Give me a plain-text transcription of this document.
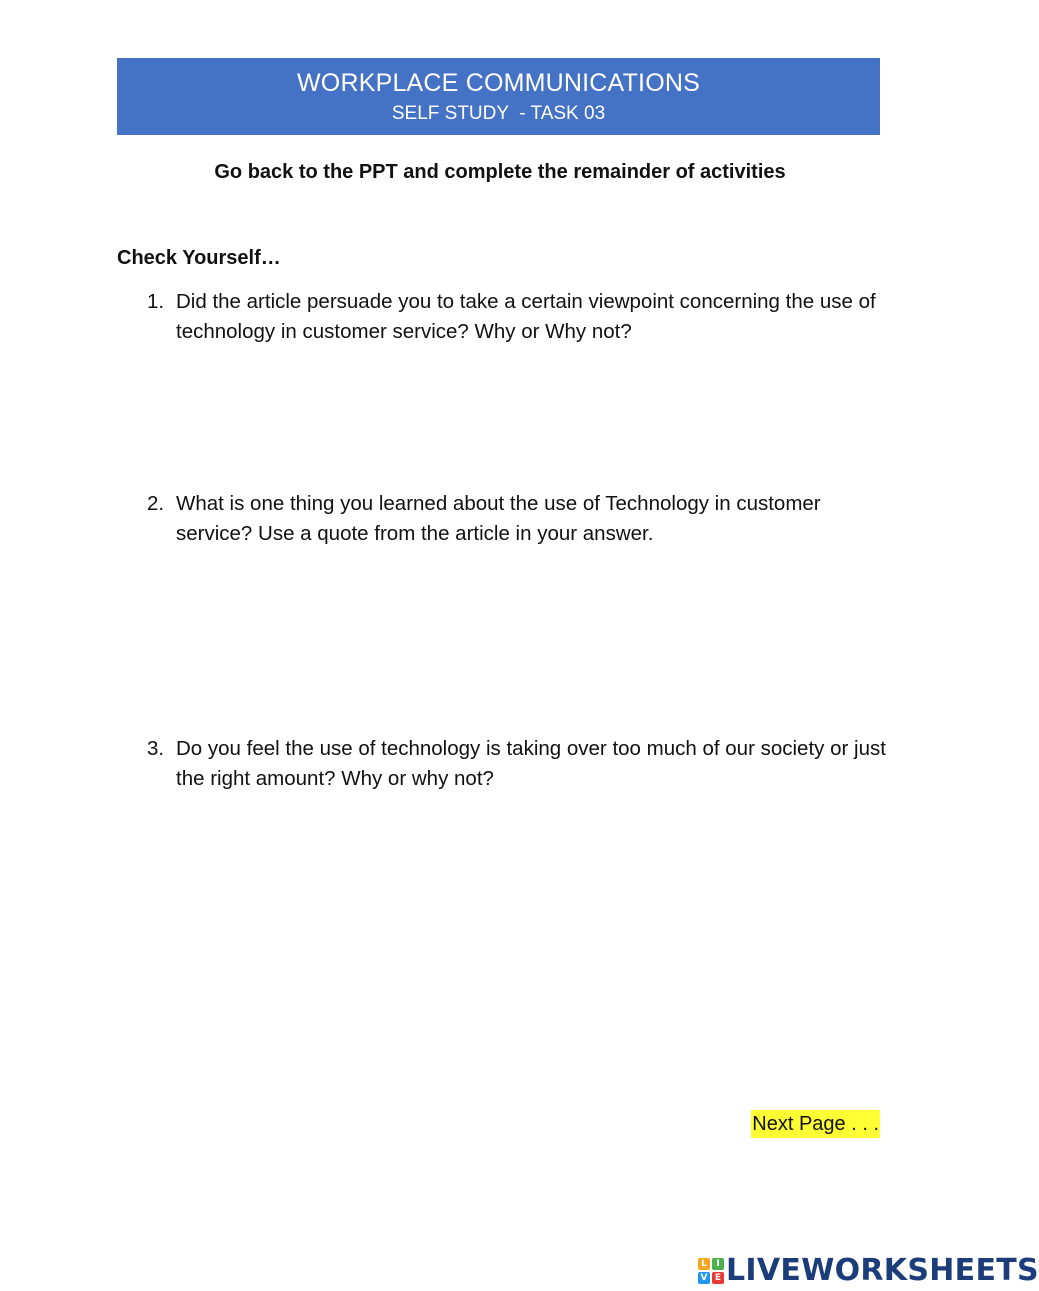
WORKPLACE COMMUNICATIONS
SELF STUDY  - TASK 03
Go back to the PPT and complete the remainder of activities
Check Yourself…
1. Did the article persuade you to take a certain viewpoint concerning the use of technology in customer service? Why or Why not?
2. What is one thing you learned about the use of Technology in customer service? Use a quote from the article in your answer.
3. Do you feel the use of technology is taking over too much of our society or just the right amount? Why or why not?
Next Page . . .
L	I
V E LIVEWORKSHEETS
